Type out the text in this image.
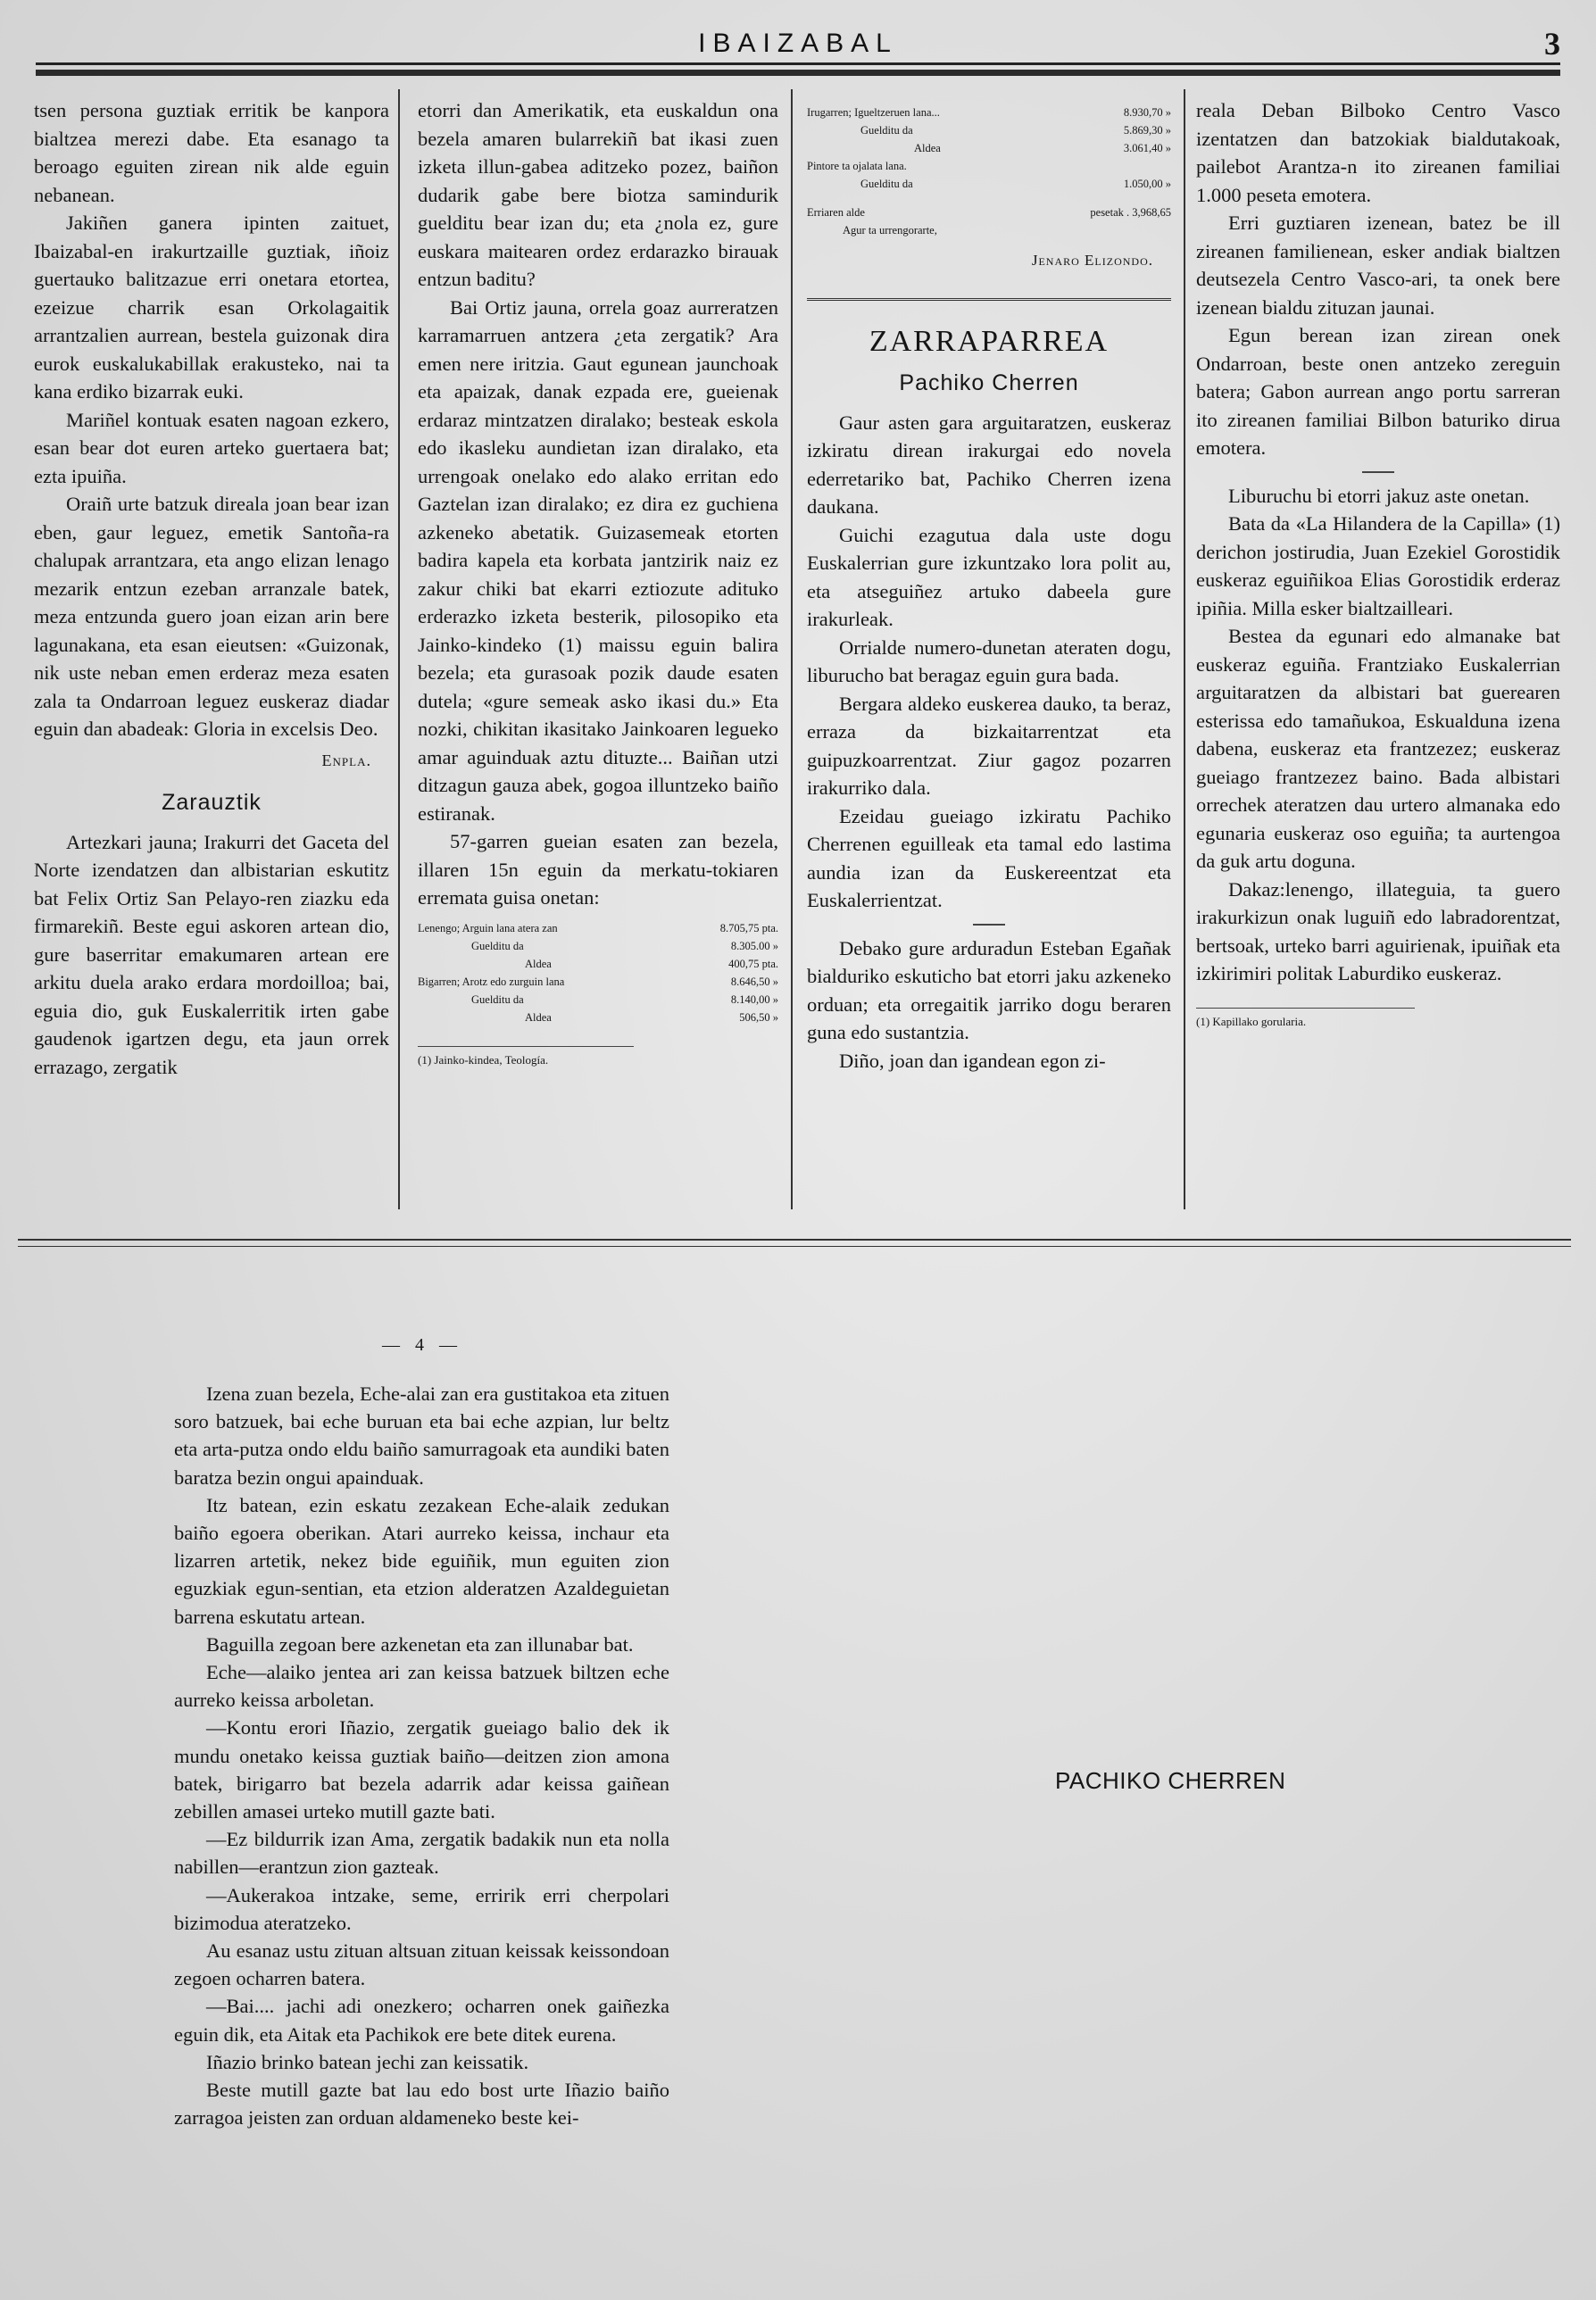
IBAIZABAL	3

tsen persona guztiak erritik be kanpora bialtzea merezi dabe. Eta esanago ta beroago eguiten zirean nik alde eguin nebanean.

Jakiñen ganera ipinten zaituet, Ibaizabal-en irakurtzaille guztiak, iñoiz guertauko balitzazue erri onetara etortea, ezeizue charrik esan Orkolagaitik arrantzalien aurrean, bestela guizonak dira eurok euskalukabillak erakusteko, nai ta kana erdiko bizarrak euki.

Mariñel kontuak esaten nagoan ezkero, esan bear dot euren arteko guertaera bat; ezta ipuiña.

Oraiñ urte batzuk direala joan bear izan eben, gaur leguez, emetik Santoña-ra chalupak arrantzara, eta ango elizan lenago mezarik entzun ezeban arranzale batek, meza entzunda guero joan eizan arin bere lagunakana, eta esan eieutsen: «Guizonak, nik uste neban emen erderaz meza esaten zala ta Ondarroan leguez euskeraz diadar eguin dan abadeak: Gloria in excelsis Deo.

Enpla.
Zarauztik

Artezkari jauna; Irakurri det Gaceta del Norte izendatzen dan albistarian eskutitz bat Felix Ortiz San Pelayo-ren ziazku eda firmarekiñ. Beste egui askoren artean dio, gure baserritar emakumaren artean ere arkitu duela arako erdara mordoilloa; bai, eguia dio, guk Euskalerritik irten gabe gaudenok igartzen degu, eta jaun orrek errazago, zergatik

etorri dan Amerikatik, eta euskaldun ona bezela amaren bularrekiñ bat ikasi zuen izketa illun-gabea aditzeko pozez, baiñon dudarik gabe bere biotza samindurik guelditu bear izan du; eta ¿nola ez, gure euskara maitearen ordez erdarazko birauak entzun baditu?

Bai Ortiz jauna, orrela goaz aurreratzen karramarruen antzera ¿eta zergatik? Ara emen nere iritzia. Gaut egunean jaunchoak eta apaizak, danak ezpada ere, gueienak erdaraz mintzatzen diralako; besteak eskola edo ikasleku aundietan izan diralako, eta urrengoak onelako edo alako erritan edo Gaztelan izan diralako; ez dira ez guchiena azkeneko abetatik. Guizasemeak etorten badira kapela eta korbata jantzirik naiz ez zakur chiki bat ekarri eztiozute adituko erderazko izketa besterik, pilosopiko eta Jainko-kindeko (1) maissu eguin balira bezela; eta gurasoak pozik daude esaten dutela; «gure semeak asko ikasi du.» Eta nozki, chikitan ikasitako Jainkoaren legueko amar aguinduak aztu dituzte... Baiñan utzi ditzagun gauza abek, gogoa illuntzeko baiño estiranak.

57-garren gueian esaten zan bezela, illaren 15n eguin da merkatu-tokiaren erremata guisa onetan:

Lenengo; Arguin lana atera zan	8.705,75 pta.
Guelditu da	8.305.00 »
Aldea	400,75 pta.
Bigarren; Arotz edo zurguin lana	8.646,50 »
Guelditu da	8.140,00 »
Aldea	506,50 »
(1) Jainko-kindea, Teología.
Irugarren; Igueltzeruen lana...	8.930,70 »
Guelditu da	5.869,30 »
Aldea	3.061,40 »
Pintore ta ojalata lana.
Guelditu da	1.050,00 »
Erriaren alde	pesetak . 3,968,65
Agur ta urrengorarte,
Jenaro Elizondo.
ZARRAPARREA
Pachiko Cherren

Gaur asten gara arguitaratzen, euskeraz izkiratu direan irakurgai edo novela ederretariko bat, Pachiko Cherren izena daukana.

Guichi ezagutua dala uste dogu Euskalerrian gure izkuntzako lora polit au, eta atseguiñez artuko dabeela gure irakurleak.

Orrialde numero-dunetan ateraten dogu, liburucho bat beragaz eguin gura bada.

Bergara aldeko euskerea dauko, ta beraz, erraza da bizkaitarrentzat eta guipuzkoarrentzat. Ziur gagoz pozarren irakurriko dala.

Ezeidau gueiago izkiratu Pachiko Cherrenen eguilleak eta tamal edo lastima aundia izan da Euskereentzat eta Euskalerrientzat.

Debako gure arduradun Esteban Egañak bialduriko eskuticho bat etorri jaku azkeneko orduan; eta orregaitik jarriko dogu beraren guna edo sustantzia.

Diño, joan dan igandean egon zi-

reala Deban Bilboko Centro Vasco izentatzen dan batzokiak bialdutakoak, pailebot Arantza-n ito zireanen familiai 1.000 peseta emotera.

Erri guztiaren izenean, batez be ill zireanen familienean, esker andiak bialtzen deutsezela Centro Vasco-ari, ta onek bere izenean bialdu zituzan jaunai.

Egun berean izan zirean onek Ondarroan, beste onen antzeko zereguin batera; Gabon aurrean ango portu sarreran ito zireanen familiai Bilbon baturiko dirua emotera.

Liburuchu bi etorri jakuz aste onetan.

Bata da «La Hilandera de la Capilla» (1) derichon jostirudia, Juan Ezekiel Gorostidik euskeraz eguiñikoa Elias Gorostidik erderaz ipiñia. Milla esker bialtzailleari.

Bestea da egunari edo almanake bat euskeraz eguiña. Frantziako Euskalerrian arguitaratzen da albistari bat guerearen esterissa edo tamañukoa, Eskualduna izena dabena, euskeraz eta frantzezez; euskeraz gueiago frantzezez baino. Bada albistari orrechek ateratzen dau urtero almanaka edo egunaria euskeraz oso eguiña; ta aurtengoa da guk artu doguna.

Dakaz:lenengo, illateguia, ta guero irakurkizun onak luguiñ edo labradorentzat, bertsoak, urteko barri aguirienak, ipuiñak eta izkirimiri politak Laburdiko euskeraz.

(1) Kapillako gorularia.
— 4 —

Izena zuan bezela, Eche-alai zan era gustitakoa eta zituen soro batzuek, bai eche buruan eta bai eche azpian, lur beltz eta arta-putza ondo eldu baiño samurragoak eta aundiki baten baratza bezin ongui apainduak.

Itz batean, ezin eskatu zezakean Eche-alaik zedukan baiño egoera oberikan. Atari aurreko keissa, inchaur eta lizarren artetik, nekez bide eguiñik, mun eguiten zion eguzkiak egun-sentian, eta etzion alderatzen Azaldeguietan barrena eskutatu artean.

Baguilla zegoan bere azkenetan eta zan illunabar bat.

Eche—alaiko jentea ari zan keissa batzuek biltzen eche aurreko keissa arboletan.

—Kontu erori Iñazio, zergatik gueiago balio dek ik mundu onetako keissa guztiak baiño—deitzen zion amona batek, birigarro bat bezela adarrik adar keissa gaiñean zebillen amasei urteko mutill gazte bati.

—Ez bildurrik izan Ama, zergatik badakik nun eta nolla nabillen—erantzun zion gazteak.

—Aukerakoa intzake, seme, erririk erri cherpolari bizimodua ateratzeko.

Au esanaz ustu zituan altsuan zituan keissak keissondoan zegoen ocharren batera.

—Bai.... jachi adi onezkero; ocharren onek gaiñezka eguin dik, eta Aitak eta Pachikok ere bete ditek eurena.

Iñazio brinko batean jechi zan keissatik.

Beste mutill gazte bat lau edo bost urte Iñazio baiño zarragoa jeisten zan orduan aldameneko beste kei-

PACHIKO CHERREN
